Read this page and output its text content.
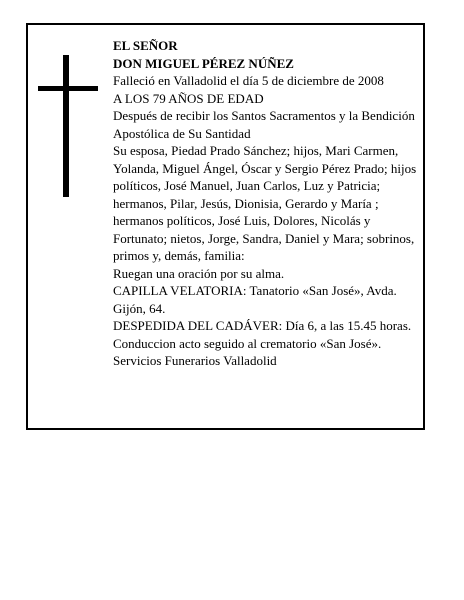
EL SEÑOR

DON MIGUEL PÉREZ NÚÑEZ

Falleció en Valladolid el día 5 de diciembre de 2008

A LOS 79 AÑOS DE EDAD

Después de recibir los Santos Sacramentos y la Bendición Apostólica de Su Santidad

Su esposa, Piedad Prado Sánchez; hijos, Mari Carmen, Yolanda, Miguel Ángel, Óscar y Sergio Pérez Prado; hijos políticos, José Manuel, Juan Carlos, Luz y Patricia; hermanos, Pilar, Jesús, Dionisia, Gerardo y María ; hermanos políticos, José Luis, Dolores, Nicolás y Fortunato; nietos, Jorge, Sandra, Daniel y Mara; sobrinos, primos y, demás, familia:

Ruegan una oración por su alma.

CAPILLA VELATORIA: Tanatorio «San José», Avda. Gijón, 64.

DESPEDIDA DEL CADÁVER: Día 6, a las 15.45 horas. Conduccion acto seguido al crematorio «San José».

Servicios Funerarios Valladolid
